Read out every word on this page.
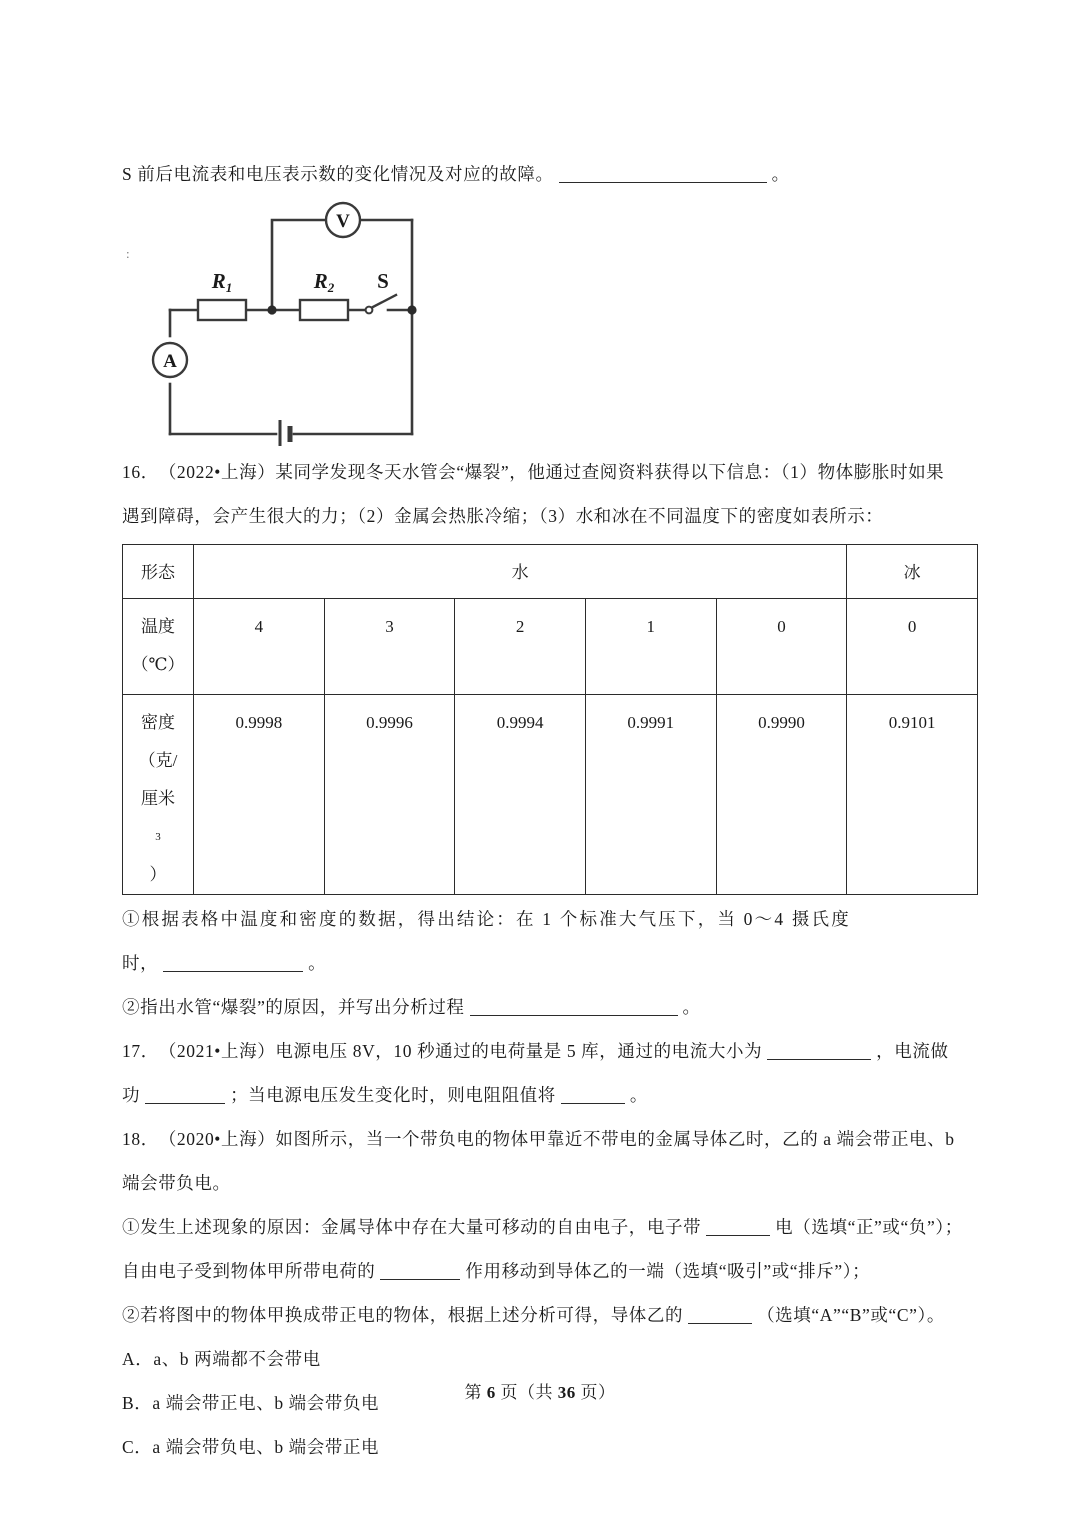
S 前后电流表和电压表示数的变化情况及对应的故障。	。
:
V
A
R1	R2 S
16．（2022•上海）某同学发现冬天水管会“爆裂”，他通过查阅资料获得以下信息：（1）物体膨胀时如果
遇到障碍，会产生很大的力；（2）金属会热胀冷缩；（3）水和冰在不同温度下的密度如表所示：
形态	水					冰

温度
（℃）	4	3	2	1	0	0

密度
（克/
厘米
3
）	0.9998	0.9996	0.9994	0.9991	0.9990	0.9101
①根据表格中温度和密度的数据，得出结论：在 1 个标准大气压下，当 0～4 摄氏度
时，	。
②指出水管“爆裂”的原因，并写出分析过程	。
17．（2021•上海）电源电压 8V，10 秒通过的电荷量是 5 库，通过的电流大小为	，电流做
功	；当电源电压发生变化时，则电阻阻值将	。
18．（2020•上海）如图所示，当一个带负电的物体甲靠近不带电的金属导体乙时，乙的 a 端会带正电、b
端会带负电。
①发生上述现象的原因：金属导体中存在大量可移动的自由电子，电子带	电（选填“正”或“负”）；
自由电子受到物体甲所带电荷的	作用移动到导体乙的一端（选填“吸引”或“排斥”）；
②若将图中的物体甲换成带正电的物体，根据上述分析可得，导体乙的	（选填“A”“B”或“C”）。
A．a、b 两端都不会带电
B．a 端会带正电、b 端会带负电
C．a 端会带负电、b 端会带正电
第 6 页（共 36 页）
